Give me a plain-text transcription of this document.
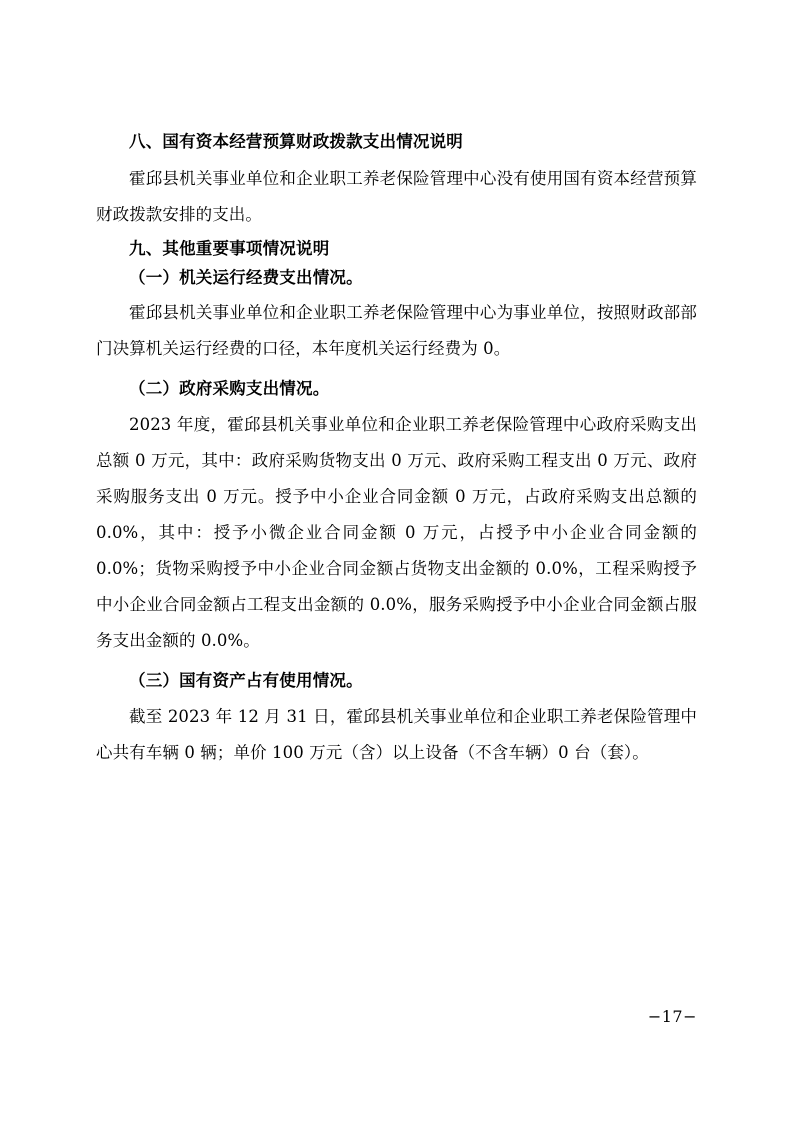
八、国有资本经营预算财政拨款支出情况说明

霍邱县机关事业单位和企业职工养老保险管理中心没有使用国有资本经营预算财政拨款安排的支出。

九、其他重要事项情况说明
（一）机关运行经费支出情况。

霍邱县机关事业单位和企业职工养老保险管理中心为事业单位，按照财政部部门决算机关运行经费的口径，本年度机关运行经费为 0。

（二）政府采购支出情况。

2023 年度，霍邱县机关事业单位和企业职工养老保险管理中心政府采购支出总额 0 万元，其中：政府采购货物支出 0 万元、政府采购工程支出 0 万元、政府采购服务支出 0 万元。授予中小企业合同金额 0 万元，占政府采购支出总额的 0.0%，其中：授予小微企业合同金额 0 万元，占授予中小企业合同金额的 0.0%；货物采购授予中小企业合同金额占货物支出金额的 0.0%，工程采购授予中小企业合同金额占工程支出金额的 0.0%，服务采购授予中小企业合同金额占服务支出金额的 0.0%。

（三）国有资产占有使用情况。

截至 2023 年 12 月 31 日，霍邱县机关事业单位和企业职工养老保险管理中心共有车辆 0 辆；单价 100 万元（含）以上设备（不含车辆）0 台（套）。

−17−
